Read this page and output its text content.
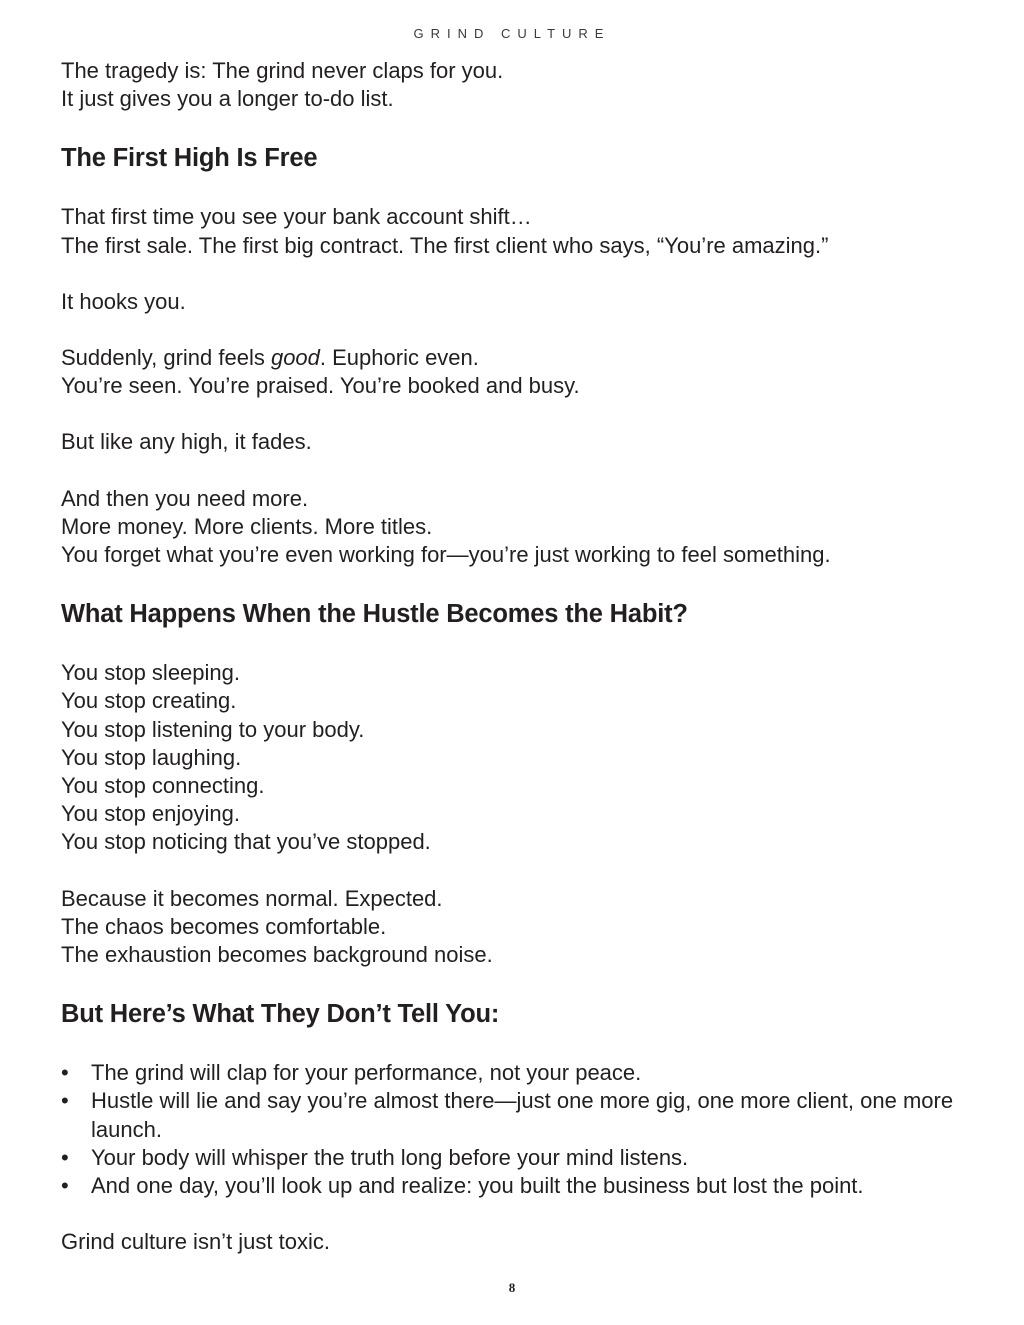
GRIND CULTURE

The tragedy is: The grind never claps for you.
It just gives you a longer to-do list.

The First High Is Free

That first time you see your bank account shift…
The first sale. The first big contract. The first client who says, “You’re amazing.”

It hooks you.

Suddenly, grind feels good. Euphoric even.
You’re seen. You’re praised. You’re booked and busy.

But like any high, it fades.

And then you need more.
More money. More clients. More titles.
You forget what you’re even working for—you’re just working to feel something.

What Happens When the Hustle Becomes the Habit?

You stop sleeping.
You stop creating.
You stop listening to your body.
You stop laughing.
You stop connecting.
You stop enjoying.
You stop noticing that you’ve stopped.

Because it becomes normal. Expected.
The chaos becomes comfortable.
The exhaustion becomes background noise.

But Here’s What They Don’t Tell You:
• The grind will clap for your performance, not your peace.
• Hustle will lie and say you’re almost there—just one more gig, one more client, one more launch.
• Your body will whisper the truth long before your mind listens.
• And one day, you’ll look up and realize: you built the business but lost the point.

Grind culture isn’t just toxic.

8
